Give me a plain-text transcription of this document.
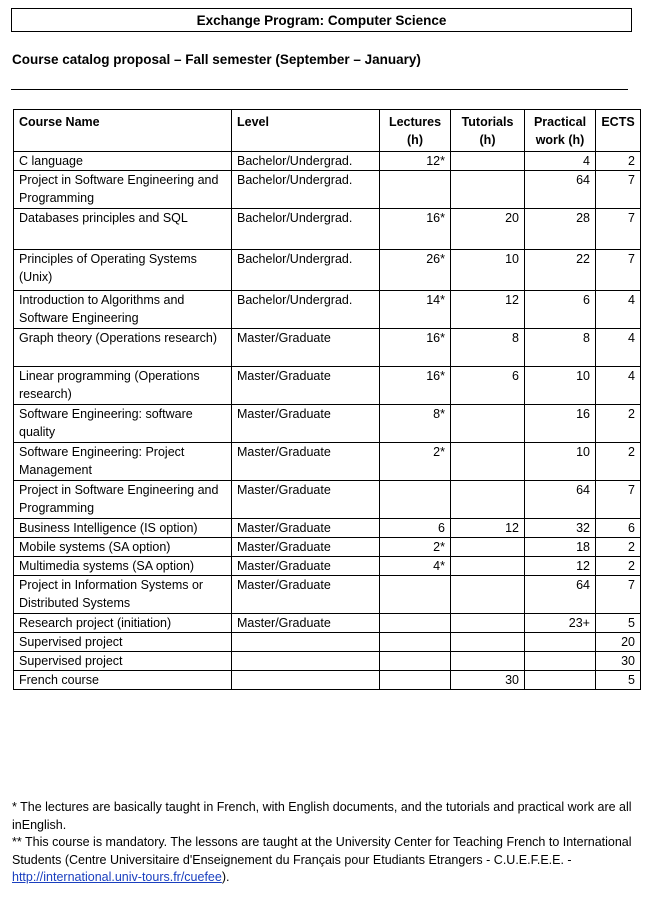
Exchange Program: Computer Science
Course catalog proposal – Fall semester (September – January)
Course Name	Level	Lectures (h)	Tutorials (h)	Practical work (h)	ECTS
C language	Bachelor/Undergrad.	12*		4	2
Project in Software Engineering and Programming	Bachelor/Undergrad.			64	7
Databases principles and SQL	Bachelor/Undergrad.	16*	20	28	7
Principles of Operating Systems (Unix)	Bachelor/Undergrad.	26*	10	22	7
Introduction to Algorithms and Software Engineering	Bachelor/Undergrad.	14*	12	6	4
Graph theory (Operations research)	Master/Graduate	16*	8	8	4
Linear programming (Operations research)	Master/Graduate	16*	6	10	4
Software Engineering: software quality	Master/Graduate	8*		16	2
Software Engineering: Project Management	Master/Graduate	2*		10	2
Project in Software Engineering and Programming	Master/Graduate			64	7
Business Intelligence (IS option)	Master/Graduate	6	12	32	6
Mobile systems (SA option)	Master/Graduate	2*		18	2
Multimedia systems (SA option)	Master/Graduate	4*		12	2
Project in Information Systems or Distributed Systems	Master/Graduate			64	7
Research project (initiation)	Master/Graduate			23+	5
Supervised project					20
Supervised project					30
French course			30		5

* The lectures are basically taught in French, with English documents, and the tutorials and practical work are all inEnglish.

** This course is mandatory. The lessons are taught at the University Center for Teaching French to International Students (Centre Universitaire d'Enseignement du Français pour Etudiants Etrangers - C.U.E.F.E.E. - http://international.univ-tours.fr/cuefee).
